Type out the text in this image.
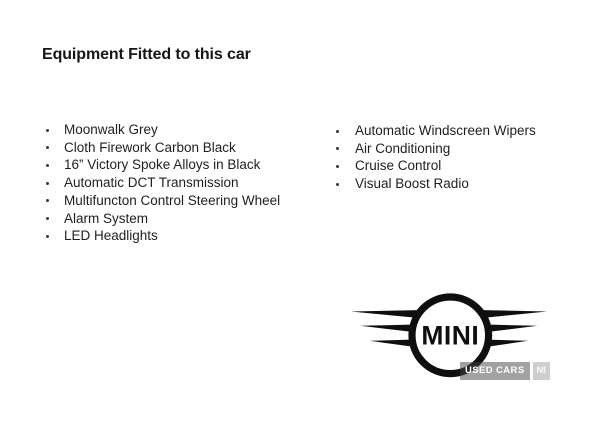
Equipment Fitted to this car
Moonwalk Grey
Cloth Firework Carbon Black
16” Victory Spoke Alloys in Black
Automatic DCT Transmission
Multifuncton Control Steering Wheel
Alarm System
LED Headlights
Automatic Windscreen Wipers
Air Conditioning
Cruise Control
Visual Boost Radio
MINI
USED CARS	NI
